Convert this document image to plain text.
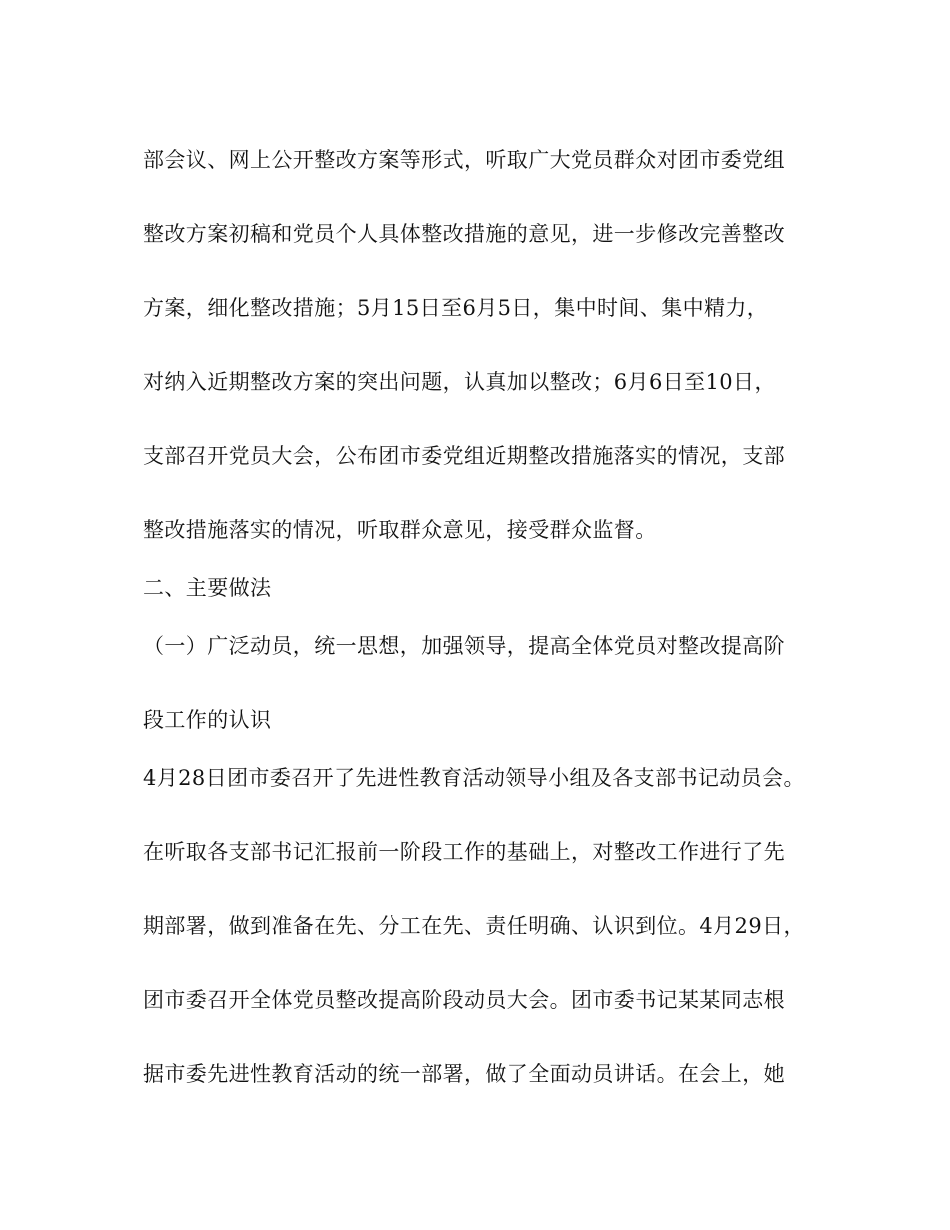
部会议、网上公开整改方案等形式，听取广大党员群众对团市委党组
整改方案初稿和党员个人具体整改措施的意见，进一步修改完善整改
方案，细化整改措施；5月15日至6月5日，集中时间、集中精力，
对纳入近期整改方案的突出问题，认真加以整改；6月6日至10日，
支部召开党员大会，公布团市委党组近期整改措施落实的情况，支部
整改措施落实的情况，听取群众意见，接受群众监督。
二、主要做法
（一）广泛动员，统一思想，加强领导，提高全体党员对整改提高阶
段工作的认识
4月28日团市委召开了先进性教育活动领导小组及各支部书记动员会。
在听取各支部书记汇报前一阶段工作的基础上，对整改工作进行了先
期部署，做到准备在先、分工在先、责任明确、认识到位。4月29日，
团市委召开全体党员整改提高阶段动员大会。团市委书记某某同志根
据市委先进性教育活动的统一部署，做了全面动员讲话。在会上，她
